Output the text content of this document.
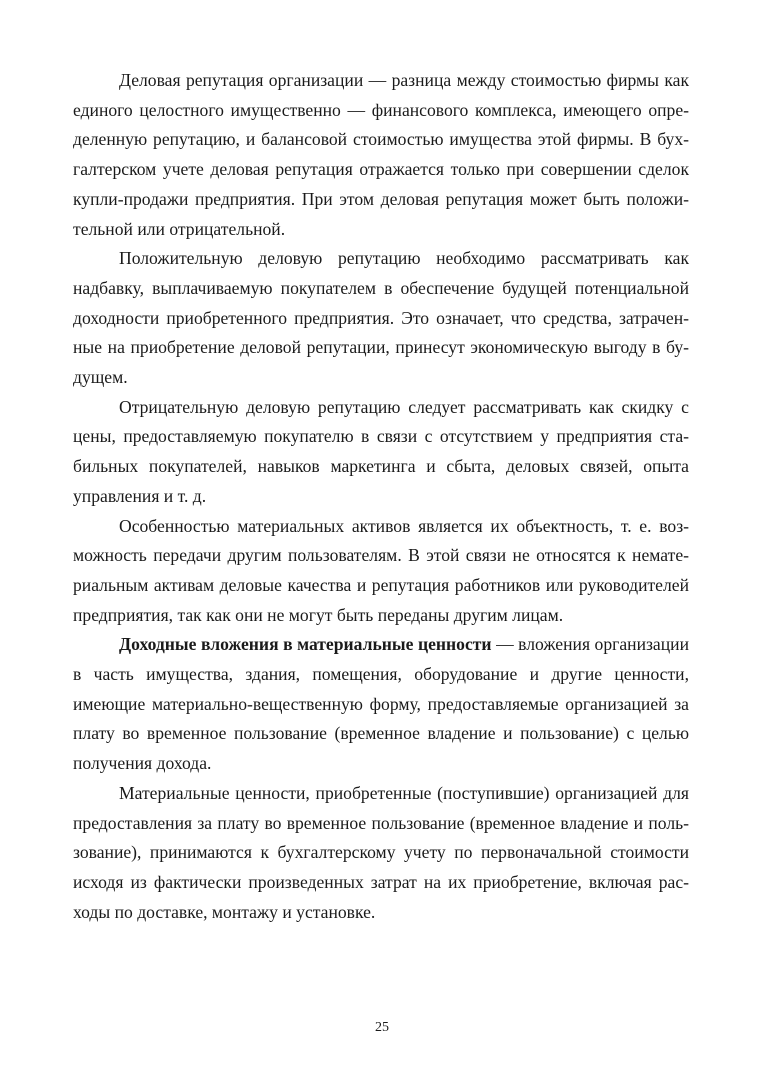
Деловая репутация организации — разница между стоимостью фирмы как единого целостного имущественно — финансового комплекса, имеющего определенную репутацию, и балансовой стоимостью имущества этой фирмы. В бухгалтерском учете деловая репутация отражается только при совершении сделок купли-продажи предприятия. При этом деловая репутация может быть положительной или отрицательной.

Положительную деловую репутацию необходимо рассматривать как надбавку, выплачиваемую покупателем в обеспечение будущей потенциальной доходности приобретенного предприятия. Это означает, что средства, затраченные на приобретение деловой репутации, принесут экономическую выгоду в будущем.

Отрицательную деловую репутацию следует рассматривать как скидку с цены, предоставляемую покупателю в связи с отсутствием у предприятия стабильных покупателей, навыков маркетинга и сбыта, деловых связей, опыта управления и т. д.

Особенностью материальных активов является их объектность, т. е. возможность передачи другим пользователям. В этой связи не относятся к нематериальным активам деловые качества и репутация работников или руководителей предприятия, так как они не могут быть переданы другим лицам.

Доходные вложения в материальные ценности — вложения организации в часть имущества, здания, помещения, оборудование и другие ценности, имеющие материально-вещественную форму, предоставляемые организацией за плату во временное пользование (временное владение и пользование) с целью получения дохода.

Материальные ценности, приобретенные (поступившие) организацией для предоставления за плату во временное пользование (временное владение и пользование), принимаются к бухгалтерскому учету по первоначальной стоимости исходя из фактически произведенных затрат на их приобретение, включая расходы по доставке, монтажу и установке.

25
